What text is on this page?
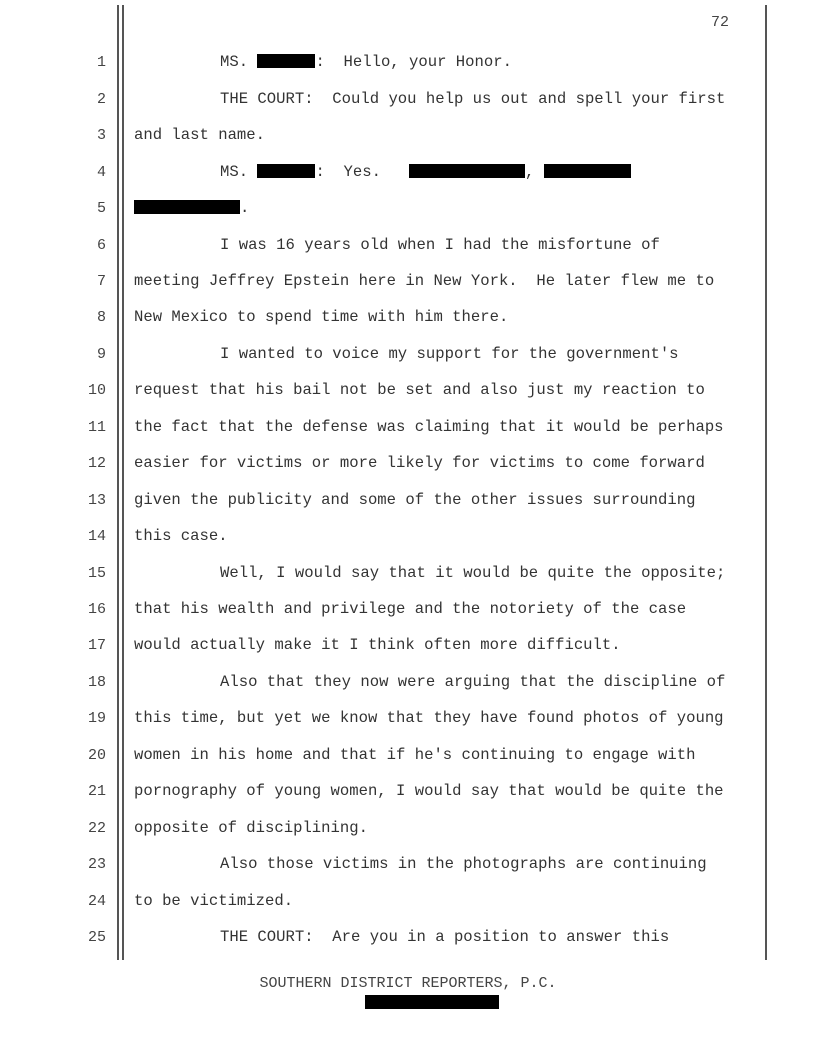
72
1
2
3
4
5
6
7
8
9
10
11
12
13
14
15
16
17
18
19
20
21
22
23
24
25
MS.	:  Hello, your Honor.
THE COURT:  Could you help us out and spell your first
and last name.
MS.	:  Yes.	,
.
I was 16 years old when I had the misfortune of
meeting Jeffrey Epstein here in New York.  He later flew me to
New Mexico to spend time with him there.
I wanted to voice my support for the government's
request that his bail not be set and also just my reaction to
the fact that the defense was claiming that it would be perhaps
easier for victims or more likely for victims to come forward
given the publicity and some of the other issues surrounding
this case.
Well, I would say that it would be quite the opposite;
that his wealth and privilege and the notoriety of the case
would actually make it I think often more difficult.
Also that they now were arguing that the discipline of
this time, but yet we know that they have found photos of young
women in his home and that if he's continuing to engage with
pornography of young women, I would say that would be quite the
opposite of disciplining.
Also those victims in the photographs are continuing
to be victimized.
THE COURT:  Are you in a position to answer this
SOUTHERN DISTRICT REPORTERS, P.C.
